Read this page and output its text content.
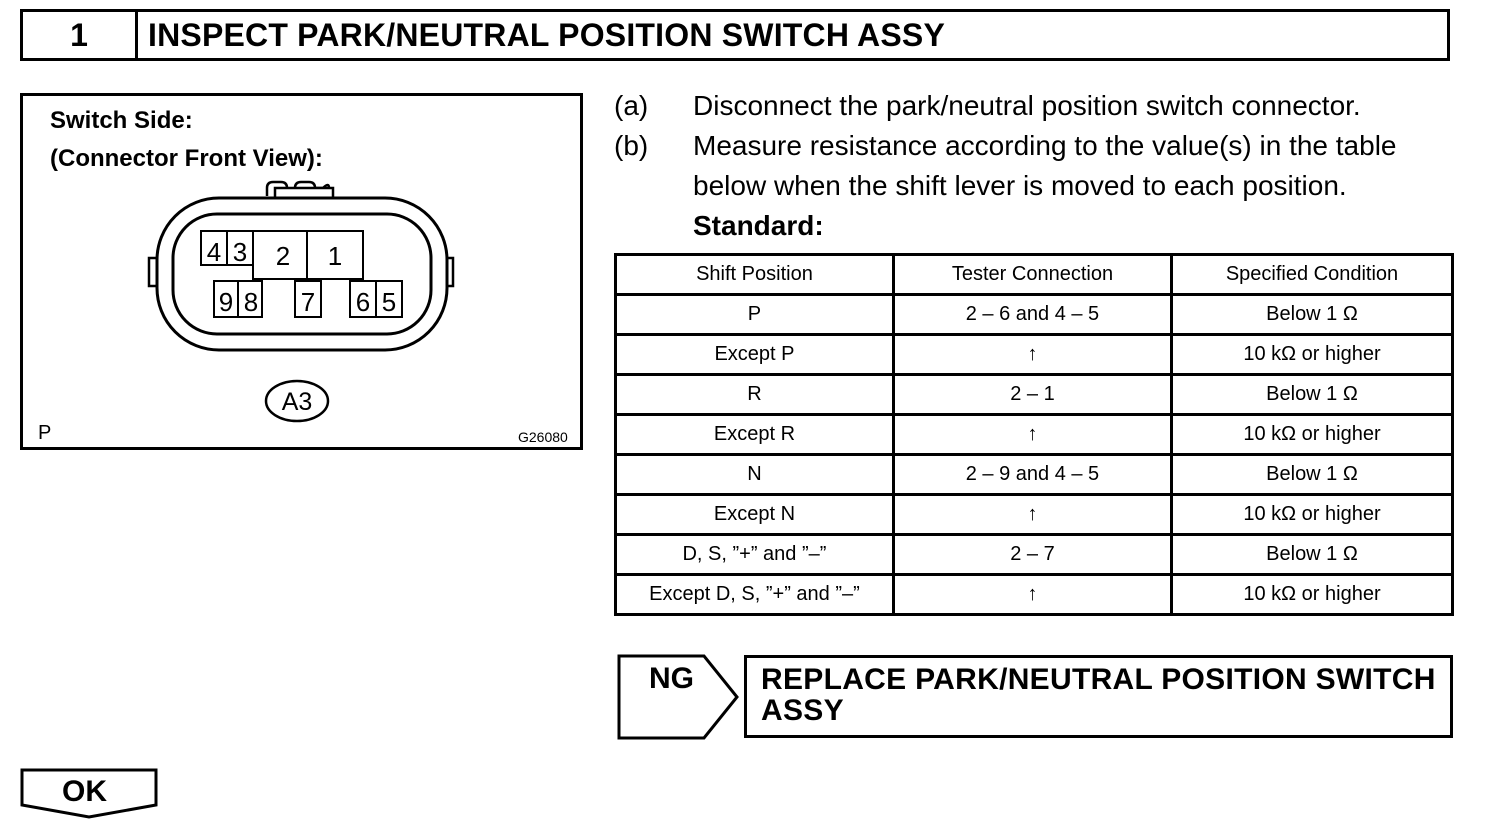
1	INSPECT PARK/NEUTRAL POSITION SWITCH ASSY
Switch Side:
(Connector Front View):
4 3 2 1
9 8 7 6 5
A3
P	G26080
(a) Disconnect the park/neutral position switch connector.
(b) Measure resistance according to the value(s) in the table
below when the shift lever is moved to each position.
Standard:
Shift Position	Tester Connection	Specified Condition
P	2 – 6 and 4 – 5	Below 1 Ω
Except P	↑	10 kΩ or higher
R	2 – 1	Below 1 Ω
Except R	↑	10 kΩ or higher
N	2 – 9 and 4 – 5	Below 1 Ω
Except N	↑	10 kΩ or higher
D, S, ”+” and ”–”	2 – 7	Below 1 Ω
Except D, S, ”+” and ”–”	↑	10 kΩ or higher
NG REPLACE PARK/NEUTRAL POSITION SWITCH
ASSY
OK
